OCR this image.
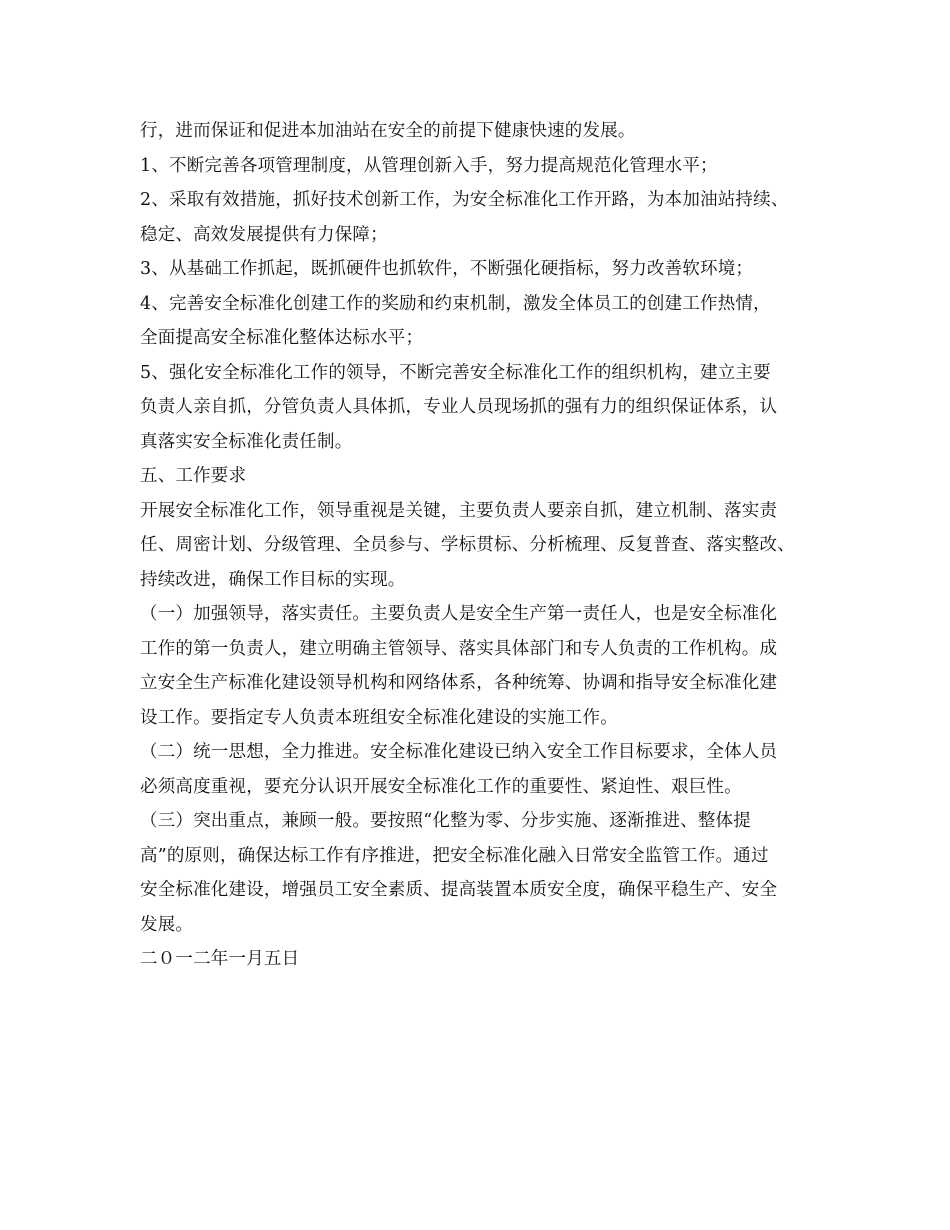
行，进而保证和促进本加油站在安全的前提下健康快速的发展。
1、不断完善各项管理制度，从管理创新入手，努力提高规范化管理水平；
2、采取有效措施，抓好技术创新工作，为安全标准化工作开路，为本加油站持续、
稳定、高效发展提供有力保障；
3、从基础工作抓起，既抓硬件也抓软件，不断强化硬指标，努力改善软环境；
4、完善安全标准化创建工作的奖励和约束机制，激发全体员工的创建工作热情，
全面提高安全标准化整体达标水平；
5、强化安全标准化工作的领导，不断完善安全标准化工作的组织机构，建立主要
负责人亲自抓，分管负责人具体抓，专业人员现场抓的强有力的组织保证体系，认
真落实安全标准化责任制。
五、工作要求
开展安全标准化工作，领导重视是关键，主要负责人要亲自抓，建立机制、落实责
任、周密计划、分级管理、全员参与、学标贯标、分析梳理、反复普查、落实整改、
持续改进，确保工作目标的实现。
（一）加强领导，落实责任。主要负责人是安全生产第一责任人，也是安全标准化
工作的第一负责人，建立明确主管领导、落实具体部门和专人负责的工作机构。成
立安全生产标准化建设领导机构和网络体系，各种统筹、协调和指导安全标准化建
设工作。要指定专人负责本班组安全标准化建设的实施工作。
（二）统一思想，全力推进。安全标准化建设已纳入安全工作目标要求，全体人员
必须高度重视，要充分认识开展安全标准化工作的重要性、紧迫性、艰巨性。
（三）突出重点，兼顾一般。要按照“化整为零、分步实施、逐渐推进、整体提
高”的原则，确保达标工作有序推进，把安全标准化融入日常安全监管工作。通过
安全标准化建设，增强员工安全素质、提高装置本质安全度，确保平稳生产、安全
发展。
二０一二年一月五日
